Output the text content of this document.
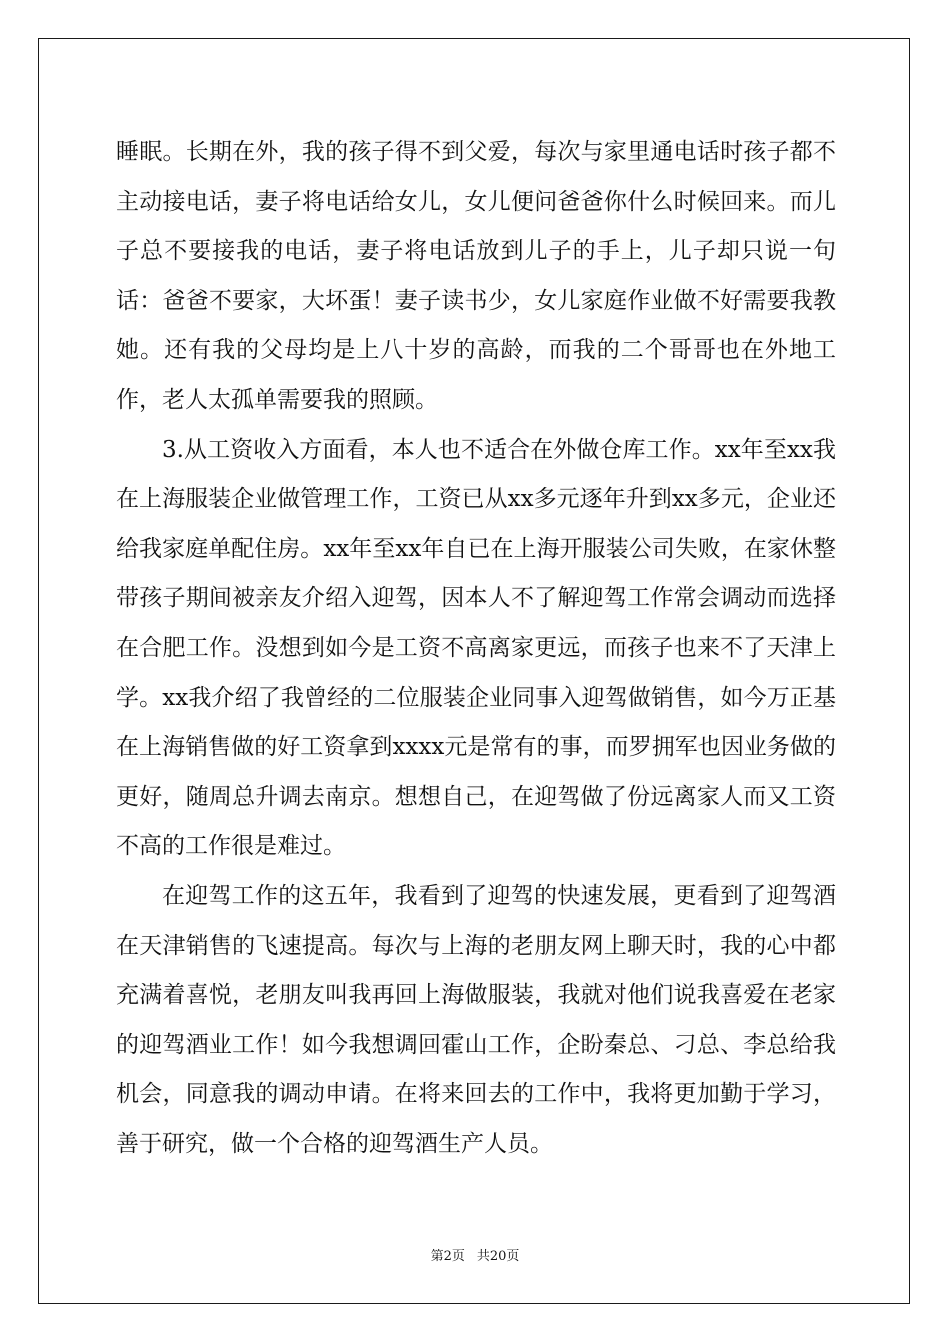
睡眠。长期在外，我的孩子得不到父爱，每次与家里通电话时孩子都不主动接电话，妻子将电话给女儿，女儿便问爸爸你什么时候回来。而儿子总不要接我的电话，妻子将电话放到儿子的手上，儿子却只说一句话：爸爸不要家，大坏蛋！妻子读书少，女儿家庭作业做不好需要我教她。还有我的父母均是上八十岁的高龄，而我的二个哥哥也在外地工作，老人太孤单需要我的照顾。

3.从工资收入方面看，本人也不适合在外做仓库工作。xx年至xx我在上海服装企业做管理工作，工资已从xx多元逐年升到xx多元，企业还给我家庭单配住房。xx年至xx年自已在上海开服装公司失败，在家休整带孩子期间被亲友介绍入迎驾，因本人不了解迎驾工作常会调动而选择在合肥工作。没想到如今是工资不高离家更远，而孩子也来不了天津上学。xx我介绍了我曾经的二位服装企业同事入迎驾做销售，如今万正基在上海销售做的好工资拿到xxxx元是常有的事，而罗拥军也因业务做的更好，随周总升调去南京。想想自己，在迎驾做了份远离家人而又工资不高的工作很是难过。

在迎驾工作的这五年，我看到了迎驾的快速发展，更看到了迎驾酒在天津销售的飞速提高。每次与上海的老朋友网上聊天时，我的心中都充满着喜悦，老朋友叫我再回上海做服装，我就对他们说我喜爱在老家的迎驾酒业工作！如今我想调回霍山工作，企盼秦总、刁总、李总给我机会，同意我的调动申请。在将来回去的工作中，我将更加勤于学习，善于研究，做一个合格的迎驾酒生产人员。

第2页 共20页
